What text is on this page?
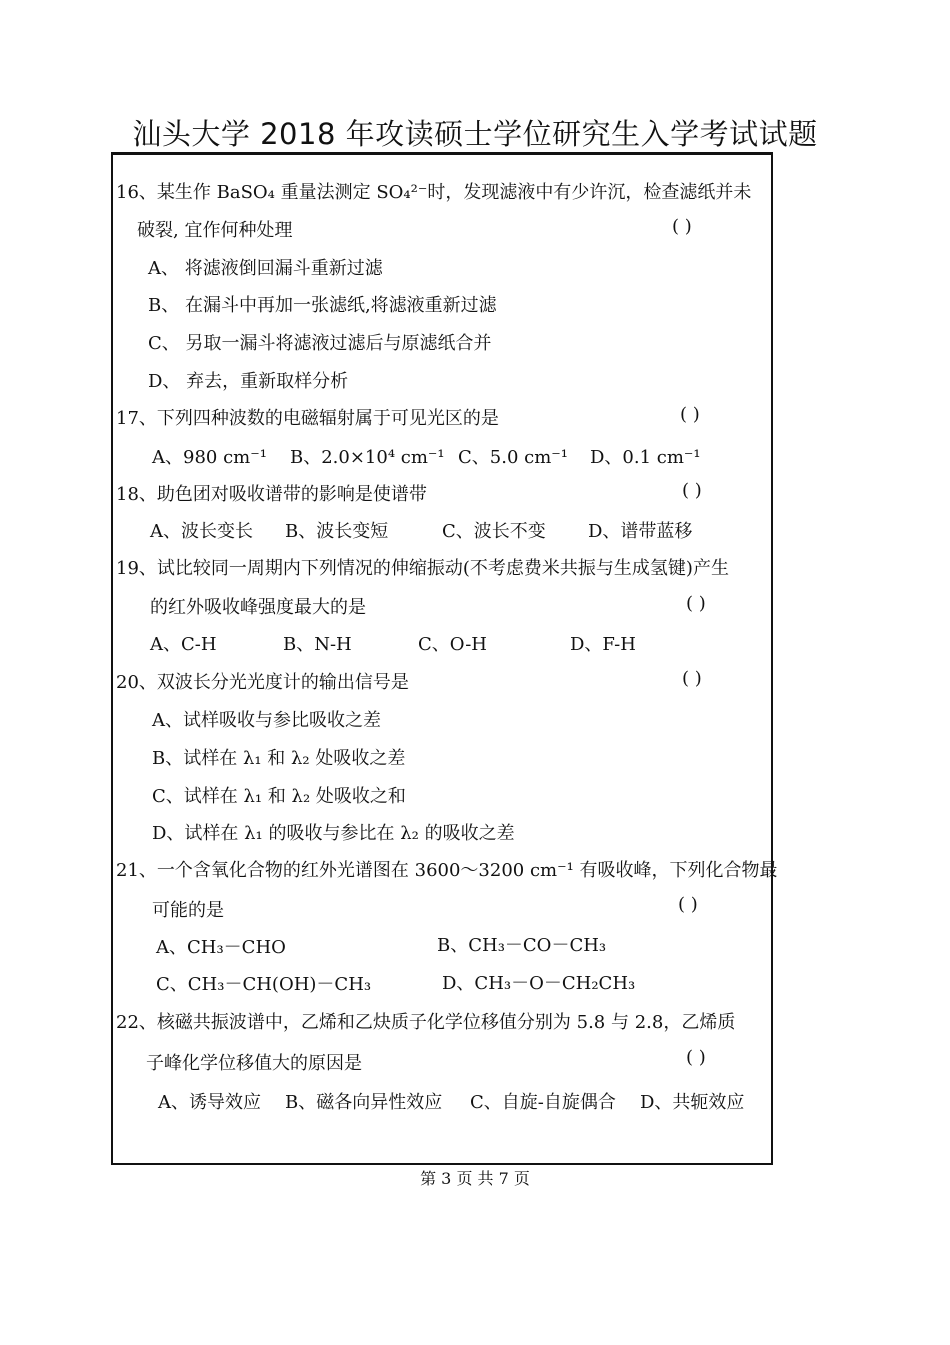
汕头大学 2018 年攻读硕士学位研究生入学考试试题
16、某生作 BaSO₄ 重量法测定 SO₄²⁻时，发现滤液中有少许沉，检查滤纸并未
破裂, 宜作何种处理	( )
A、 将滤液倒回漏斗重新过滤
B、 在漏斗中再加一张滤纸,将滤液重新过滤
C、 另取一漏斗将滤液过滤后与原滤纸合并
D、 弃去，重新取样分析
17、下列四种波数的电磁辐射属于可见光区的是	( )
A、980 cm⁻¹ B、2.0×10⁴ cm⁻¹ C、5.0 cm⁻¹ D、0.1 cm⁻¹
18、助色团对吸收谱带的影响是使谱带	( )
A、波长变长 B、波长变短	C、波长不变 D、谱带蓝移
19、试比较同一周期内下列情况的伸缩振动(不考虑费米共振与生成氢键)产生
的红外吸收峰强度最大的是	( )
A、C-H	B、N-H	C、O-H	D、F-H
20、双波长分光光度计的输出信号是	( )
A、试样吸收与参比吸收之差
B、试样在 λ₁ 和 λ₂ 处吸收之差
C、试样在 λ₁ 和 λ₂ 处吸收之和
D、试样在 λ₁ 的吸收与参比在 λ₂ 的吸收之差
21、一个含氧化合物的红外光谱图在 3600～3200 cm⁻¹ 有吸收峰，下列化合物最
可能的是	( )
A、CH₃－CHO	B、CH₃－CO－CH₃
C、CH₃－CH(OH)－CH₃	D、CH₃－O－CH₂CH₃
22、核磁共振波谱中，乙烯和乙炔质子化学位移值分别为 5.8 与 2.8，乙烯质
子峰化学位移值大的原因是	( )
A、诱导效应 B、磁各向异性效应 C、自旋-自旋偶合 D、共轭效应
第 3 页 共 7 页
